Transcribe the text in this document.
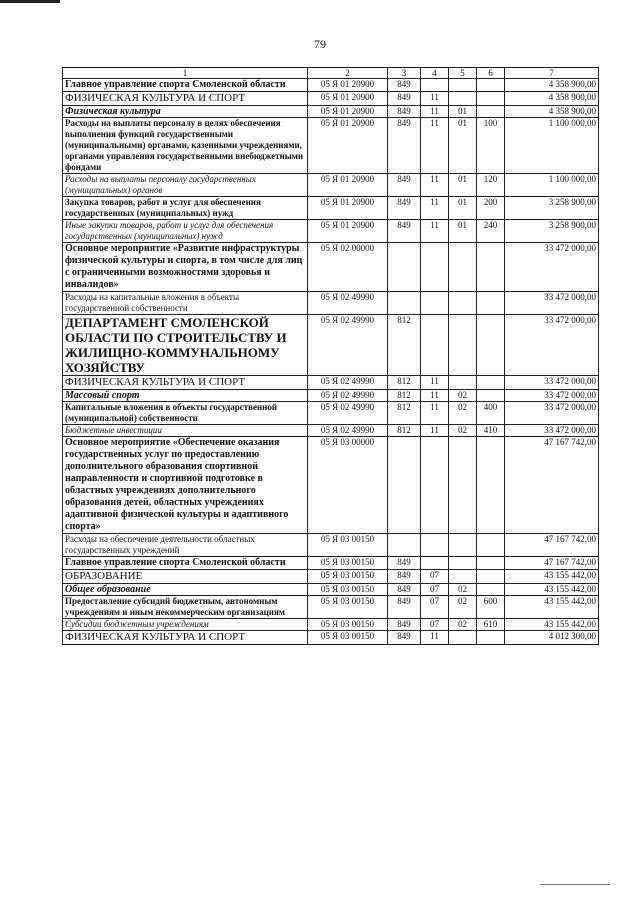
79
1	2	3	4	5	6	7
Главное управление спорта Смоленской области	05 Я 01 20900	849				4 358 900,00
ФИЗИЧЕСКАЯ КУЛЬТУРА И СПОРТ	05 Я 01 20900	849	11			4 358 900,00
Физическая культура	05 Я 01 20900	849	11	01		4 358 900,00
Расходы на выплаты персоналу в целях обеспечения выполнения функций государственными (муниципальными) органами, казенными учреждениями, органами управления государственными внебюджетными фондами	05 Я 01 20900	849	11	01	100	1 100 000,00
Расходы на выплаты персоналу государственных (муниципальных) органов	05 Я 01 20900	849	11	01	120	1 100 000,00
Закупка товаров, работ и услуг для обеспечения государственных (муниципальных) нужд	05 Я 01 20900	849	11	01	200	3 258 900,00
Иные закупки товаров, работ и услуг для обеспечения государственных (муниципальных) нужд	05 Я 01 20900	849	11	01	240	3 258 900,00
Основное мероприятие «Развитие инфраструктуры физической культуры и спорта, в том числе для лиц с ограниченными возможностями здоровья и инвалидов»	05 Я 02 00000					33 472 000,00
Расходы на капитальные вложения в объекты государственной собственности	05 Я 02 49990					33 472 000,00
ДЕПАРТАМЕНТ СМОЛЕНСКОЙ ОБЛАСТИ ПО СТРОИТЕЛЬСТВУ И ЖИЛИЩНО-КОММУНАЛЬНОМУ ХОЗЯЙСТВУ	05 Я 02 49990	812				33 472 000,00
ФИЗИЧЕСКАЯ КУЛЬТУРА И СПОРТ	05 Я 02 49990	812	11			33 472 000,00
Массовый спорт	05 Я 02 49990	812	11	02		33 472 000,00
Капитальные вложения в объекты государственной (муниципальной) собственности	05 Я 02 49990	812	11	02	400	33 472 000,00
Бюджетные инвестиции	05 Я 02 49990	812	11	02	410	33 472 000,00
Основное мероприятие «Обеспечение оказания государственных услуг по предоставлению дополнительного образования спортивной направленности и спортивной подготовке в областных учреждениях дополнительного образования детей, областных учреждениях адаптивной физической культуры и адаптивного спорта»	05 Я 03 00000					47 167 742,00
Расходы на обеспечение деятельности областных государственных учреждений	05 Я 03 00150					47 167 742,00
Главное управление спорта Смоленской области	05 Я 03 00150	849				47 167 742,00
ОБРАЗОВАНИЕ	05 Я 03 00150	849	07			43 155 442,00
Общее образование	05 Я 03 00150	849	07	02		43 155 442,00
Предоставление субсидий бюджетным, автономным учреждениям и иным некоммерческим организациям	05 Я 03 00150	849	07	02	600	43 155 442,00
Субсидии бюджетным учреждениям	05 Я 03 00150	849	07	02	610	43 155 442,00
ФИЗИЧЕСКАЯ КУЛЬТУРА И СПОРТ	05 Я 03 00150	849	11			4 012 300,00
